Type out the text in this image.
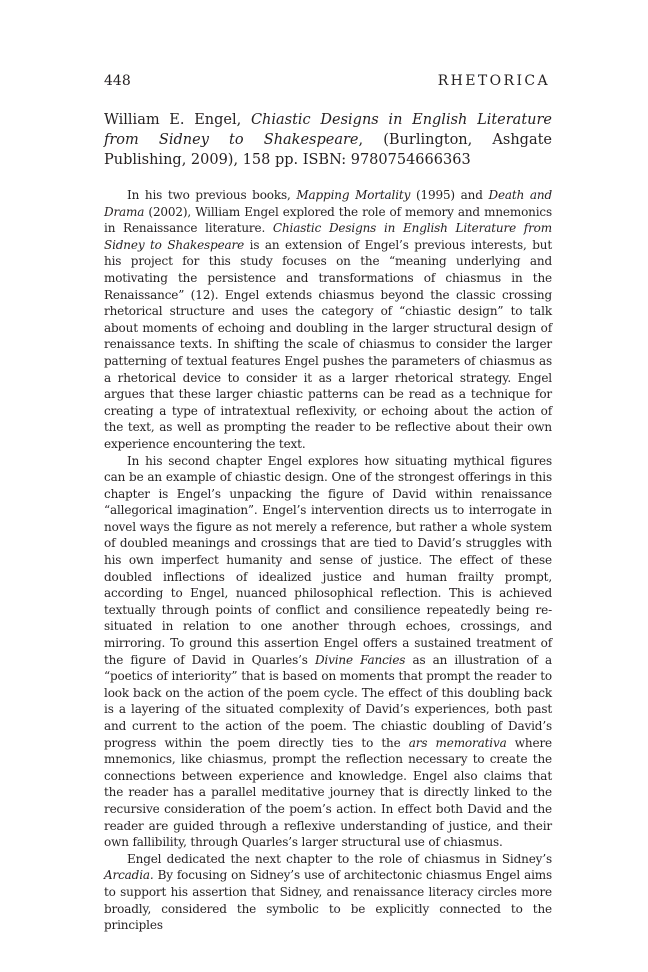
448	RHETORICA
William E. Engel, Chiastic Designs in English Literature from Sidney to Shakespeare, (Burlington, Ashgate Publishing, 2009), 158 pp. ISBN: 9780754666363

In his two previous books, Mapping Mortality (1995) and Death and Drama (2002), William Engel explored the role of memory and mnemonics in Renaissance literature. Chiastic Designs in English Literature from Sidney to Shakespeare is an extension of Engel’s previous interests, but his project for this study focuses on the “meaning underlying and motivating the persistence and transformations of chiasmus in the Renaissance” (12). Engel extends chiasmus beyond the classic crossing rhetorical structure and uses the category of “chiastic design” to talk about moments of echoing and doubling in the larger structural design of renaissance texts. In shifting the scale of chiasmus to consider the larger patterning of textual features Engel pushes the parameters of chiasmus as a rhetorical device to consider it as a larger rhetorical strategy. Engel argues that these larger chiastic patterns can be read as a technique for creating a type of intratextual reflexivity, or echoing about the action of the text, as well as prompting the reader to be reflective about their own experience encountering the text.

In his second chapter Engel explores how situating mythical figures can be an example of chiastic design. One of the strongest offerings in this chapter is Engel’s unpacking the figure of David within renaissance “allegorical imagination”. Engel’s intervention directs us to interrogate in novel ways the figure as not merely a reference, but rather a whole system of doubled meanings and crossings that are tied to David’s struggles with his own imperfect humanity and sense of justice. The effect of these doubled inflections of idealized justice and human frailty prompt, according to Engel, nuanced philosophical reflection. This is achieved textually through points of conflict and consilience repeatedly being re-situated in relation to one another through echoes, crossings, and mirroring. To ground this assertion Engel offers a sustained treatment of the figure of David in Quarles’s Divine Fancies as an illustration of a “poetics of interiority” that is based on moments that prompt the reader to look back on the action of the poem cycle. The effect of this doubling back is a layering of the situated complexity of David’s experiences, both past and current to the action of the poem. The chiastic doubling of David’s progress within the poem directly ties to the ars memorativa where mnemonics, like chiasmus, prompt the reflection necessary to create the connections between experience and knowledge. Engel also claims that the reader has a parallel meditative journey that is directly linked to the recursive consideration of the poem’s action. In effect both David and the reader are guided through a reflexive understanding of justice, and their own fallibility, through Quarles’s larger structural use of chiasmus.

Engel dedicated the next chapter to the role of chiasmus in Sidney’s Arcadia. By focusing on Sidney’s use of architectonic chiasmus Engel aims to support his assertion that Sidney, and renaissance literacy circles more broadly, considered the symbolic to be explicitly connected to the principles
